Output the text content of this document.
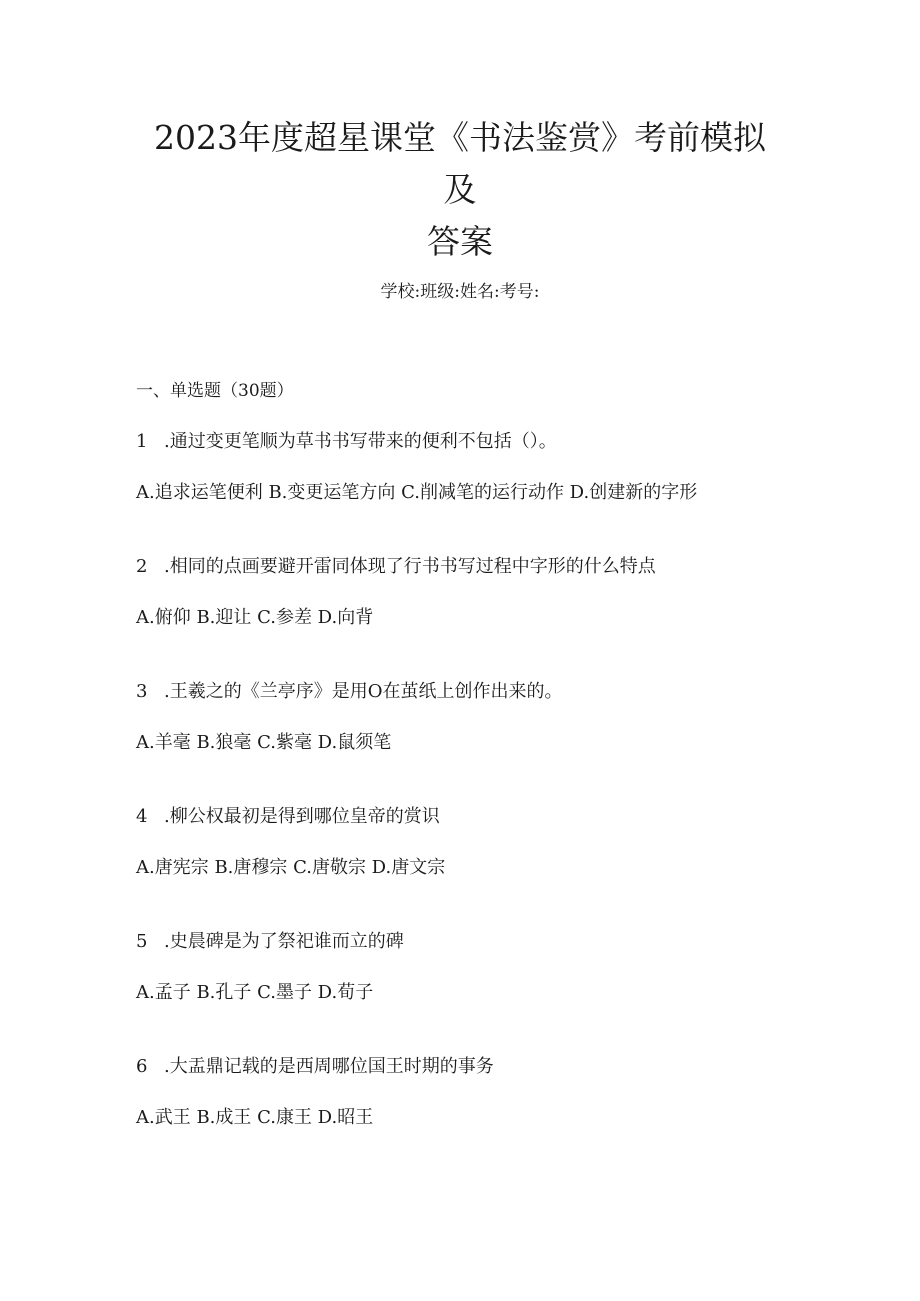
2023年度超星课堂《书法鉴赏》考前模拟
及
答案
学校:班级:姓名:考号:
一、单选题（30题）
1 .通过变更笔顺为草书书写带来的便利不包括（）。
A.追求运笔便利 B.变更运笔方向 C.削减笔的运行动作 D.创建新的字形
2 .相同的点画要避开雷同体现了行书书写过程中字形的什么特点
A.俯仰 B.迎让 C.参差 D.向背
3 .王羲之的《兰亭序》是用O在茧纸上创作出来的。
A.羊毫 B.狼毫 C.紫毫 D.鼠须笔
4 .柳公权最初是得到哪位皇帝的赏识
A.唐宪宗 B.唐穆宗 C.唐敬宗 D.唐文宗
5 .史晨碑是为了祭祀谁而立的碑
A.孟子 B.孔子 C.墨子 D.荀子
6 .大盂鼎记载的是西周哪位国王时期的事务
A.武王 B.成王 C.康王 D.昭王
